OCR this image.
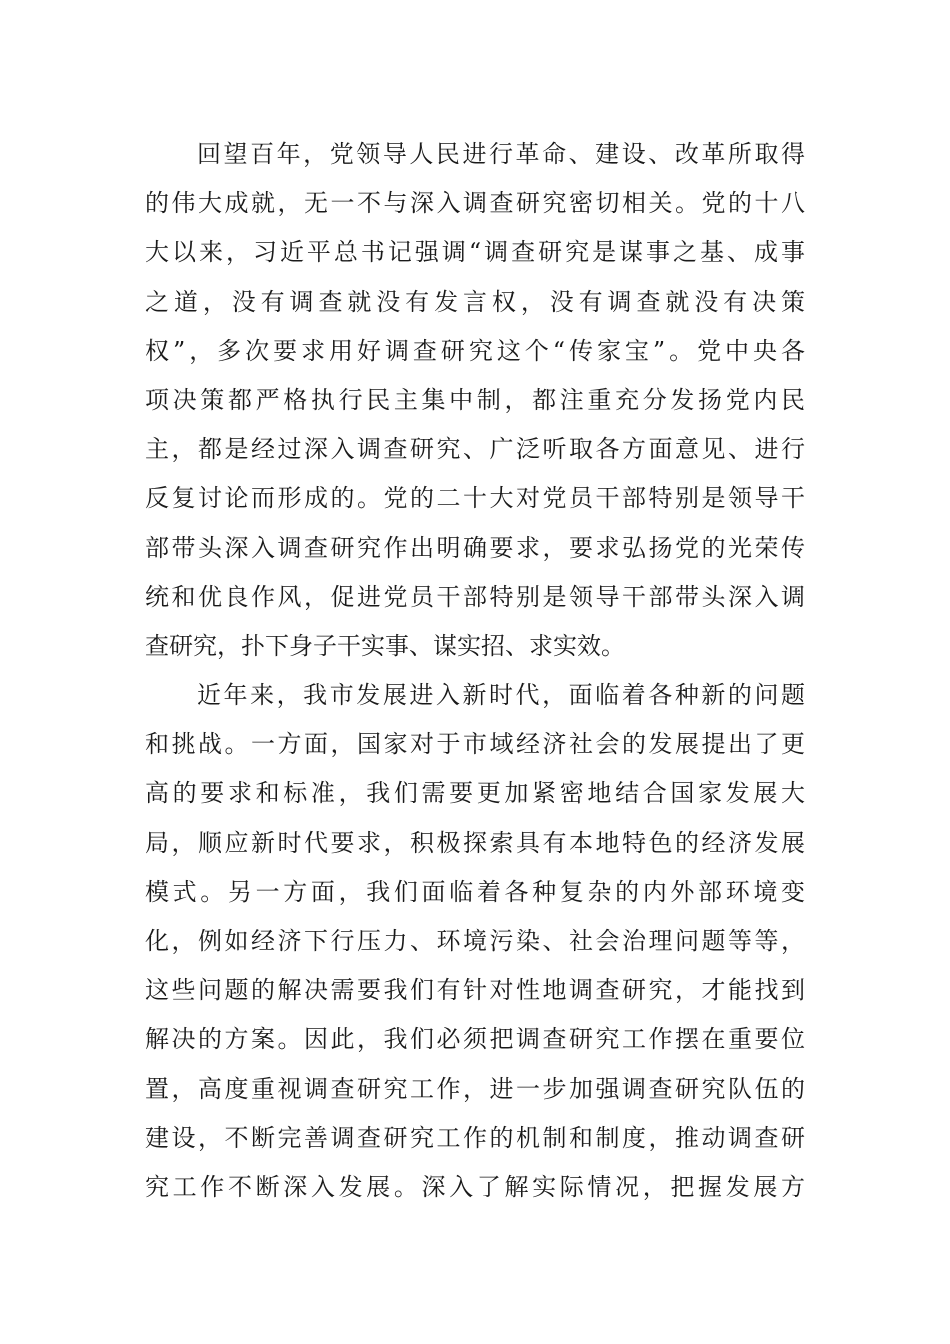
回望百年，党领导人民进行革命、建设、改革所取得
的伟大成就，无一不与深入调查研究密切相关。党的十八
大以来，习近平总书记强调“调查研究是谋事之基、成事
之道，没有调查就没有发言权，没有调查就没有决策
权”，多次要求用好调查研究这个“传家宝”。党中央各
项决策都严格执行民主集中制，都注重充分发扬党内民
主，都是经过深入调查研究、广泛听取各方面意见、进行
反复讨论而形成的。党的二十大对党员干部特别是领导干
部带头深入调查研究作出明确要求，要求弘扬党的光荣传
统和优良作风，促进党员干部特别是领导干部带头深入调
查研究，扑下身子干实事、谋实招、求实效。
近年来，我市发展进入新时代，面临着各种新的问题
和挑战。一方面，国家对于市域经济社会的发展提出了更
高的要求和标准，我们需要更加紧密地结合国家发展大
局，顺应新时代要求，积极探索具有本地特色的经济发展
模式。另一方面，我们面临着各种复杂的内外部环境变
化，例如经济下行压力、环境污染、社会治理问题等等，
这些问题的解决需要我们有针对性地调查研究，才能找到
解决的方案。因此，我们必须把调查研究工作摆在重要位
置，高度重视调查研究工作，进一步加强调查研究队伍的
建设，不断完善调查研究工作的机制和制度，推动调查研
究工作不断深入发展。深入了解实际情况，把握发展方
